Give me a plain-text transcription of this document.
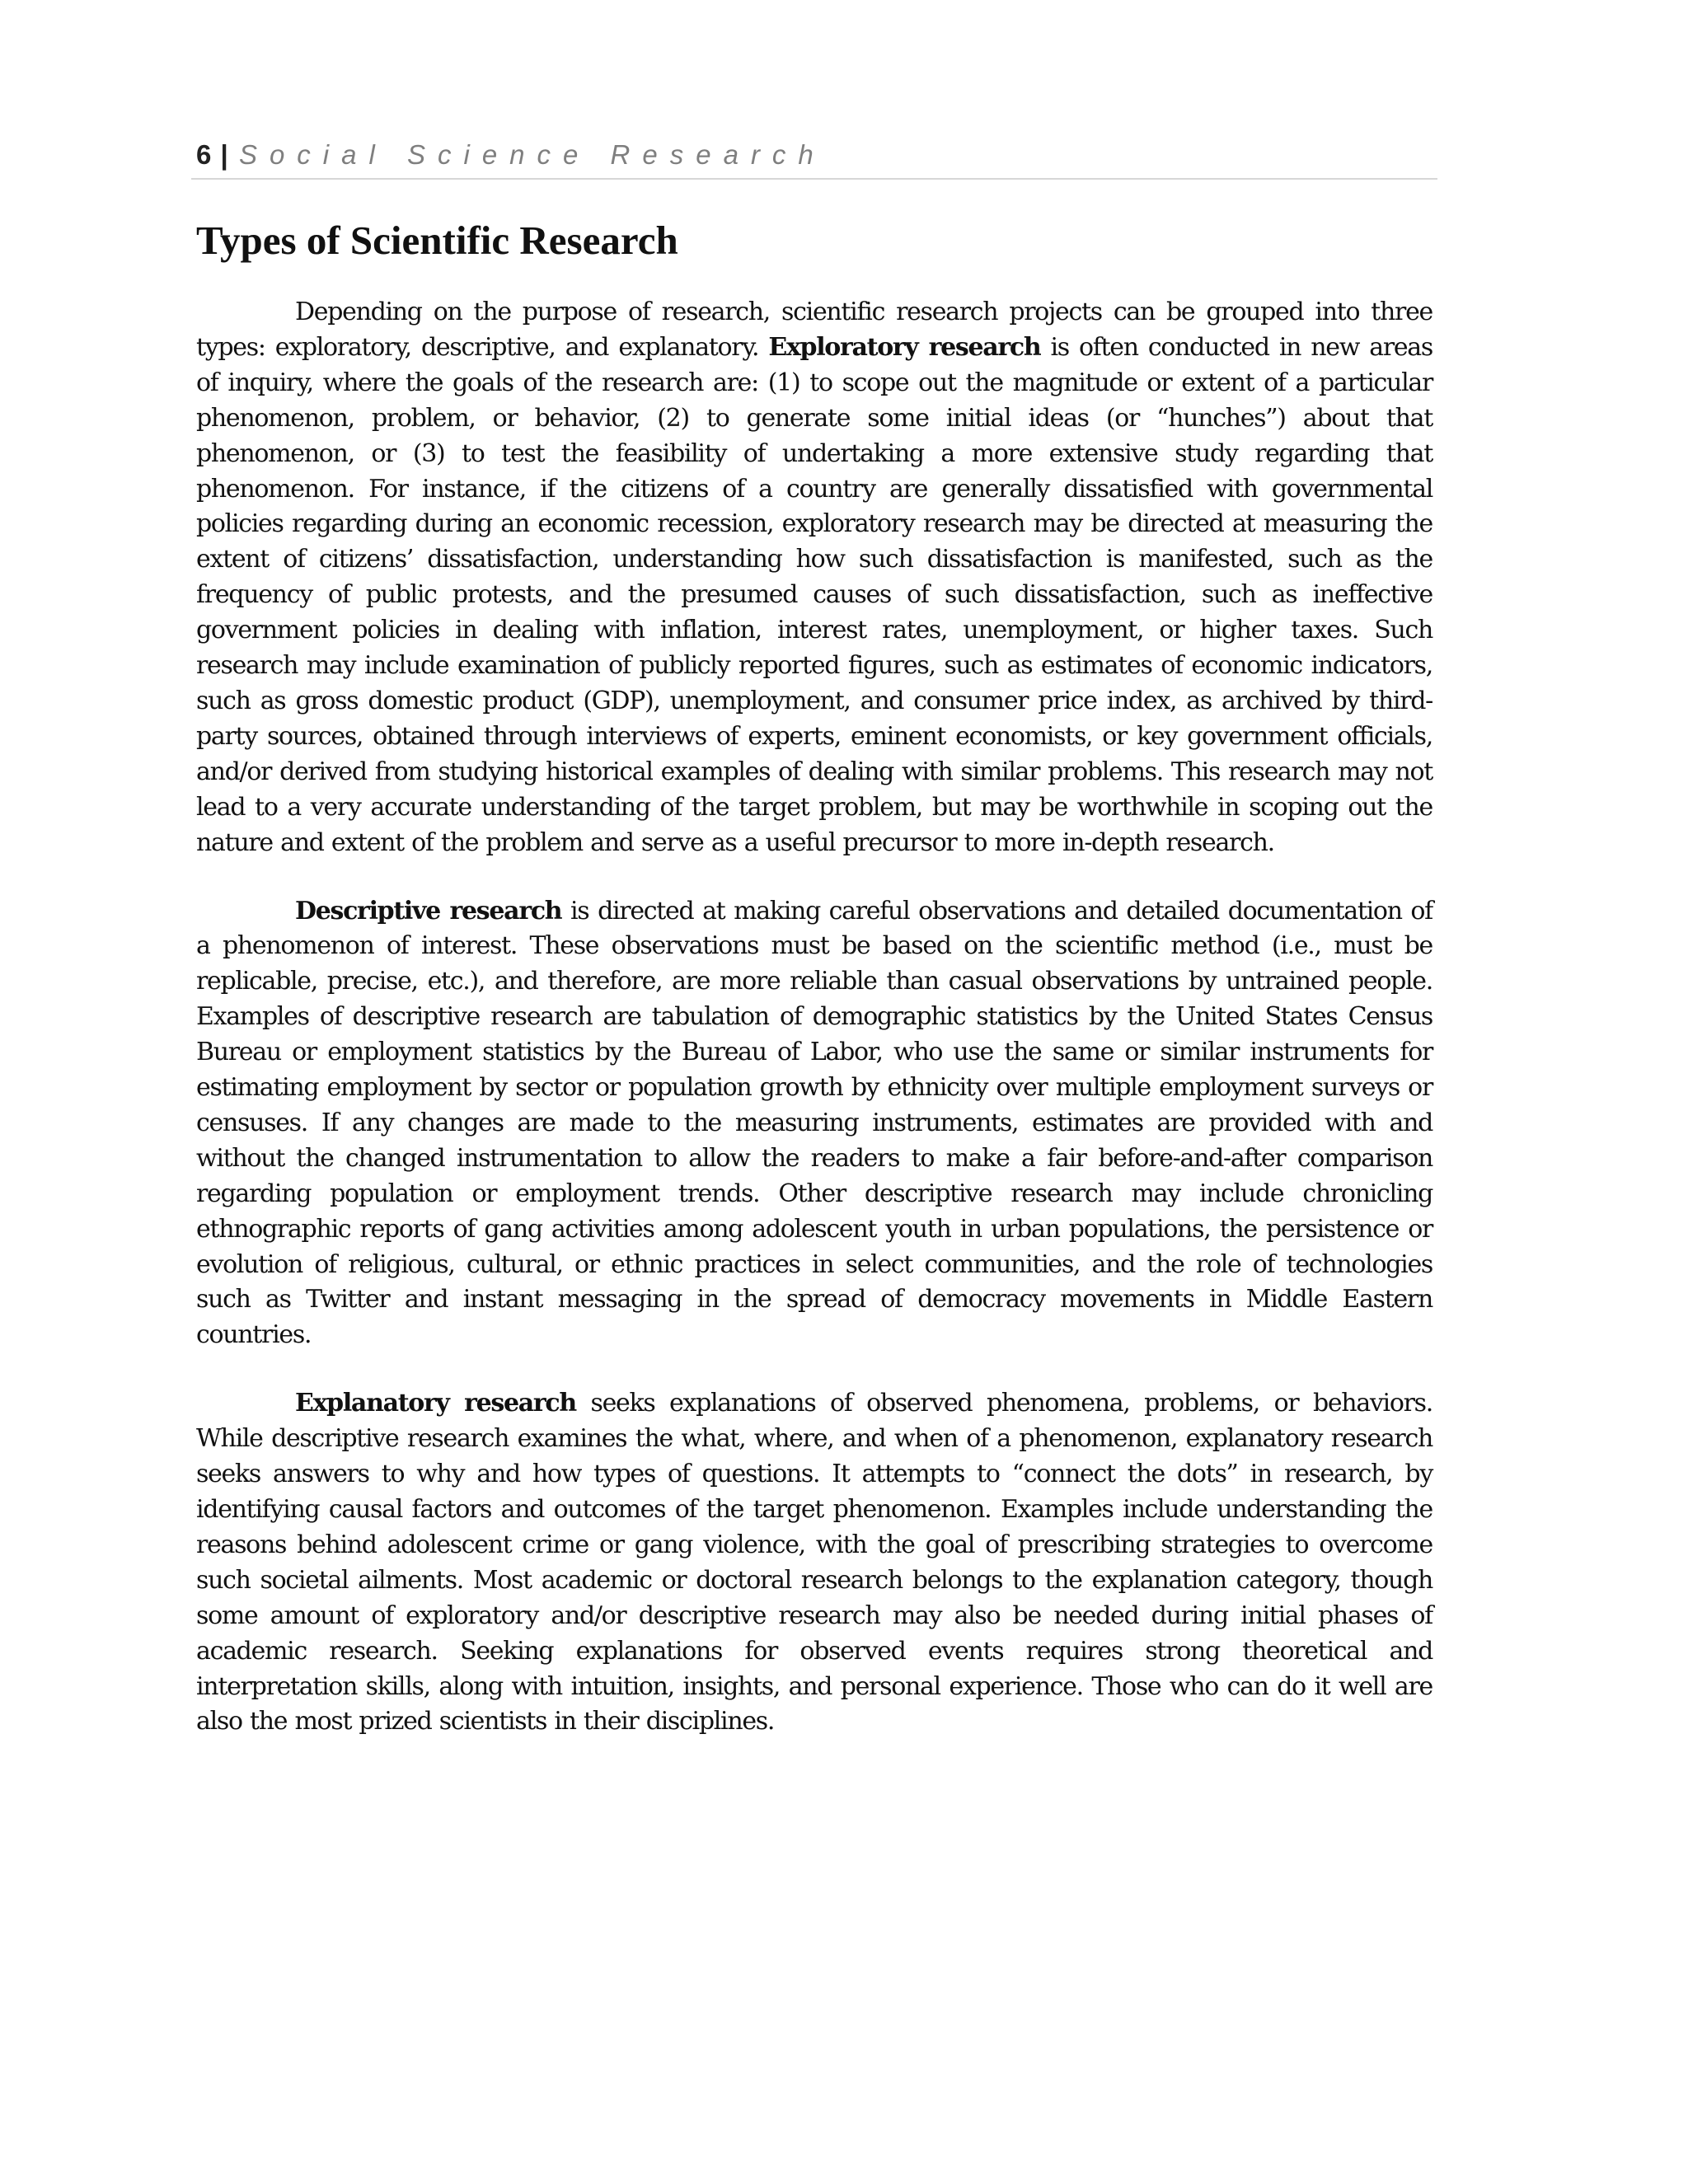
6 | Social Science Research
Types of Scientific Research

Depending on the purpose of research, scientific research projects can be grouped into three types: exploratory, descriptive, and explanatory. Exploratory research is often conducted in new areas of inquiry, where the goals of the research are: (1) to scope out the magnitude or extent of a particular phenomenon, problem, or behavior, (2) to generate some initial ideas (or “hunches”) about that phenomenon, or (3) to test the feasibility of undertaking a more extensive study regarding that phenomenon. For instance, if the citizens of a country are generally dissatisfied with governmental policies regarding during an economic recession, exploratory research may be directed at measuring the extent of citizens’ dissatisfaction, understanding how such dissatisfaction is manifested, such as the frequency of public protests, and the presumed causes of such dissatisfaction, such as ineffective government policies in dealing with inflation, interest rates, unemployment, or higher taxes. Such research may include examination of publicly reported figures, such as estimates of economic indicators, such as gross domestic product (GDP), unemployment, and consumer price index, as archived by third-party sources, obtained through interviews of experts, eminent economists, or key government officials, and/or derived from studying historical examples of dealing with similar problems. This research may not lead to a very accurate understanding of the target problem, but may be worthwhile in scoping out the nature and extent of the problem and serve as a useful precursor to more in-depth research.

Descriptive research is directed at making careful observations and detailed documentation of a phenomenon of interest. These observations must be based on the scientific method (i.e., must be replicable, precise, etc.), and therefore, are more reliable than casual observations by untrained people. Examples of descriptive research are tabulation of demographic statistics by the United States Census Bureau or employment statistics by the Bureau of Labor, who use the same or similar instruments for estimating employment by sector or population growth by ethnicity over multiple employment surveys or censuses. If any changes are made to the measuring instruments, estimates are provided with and without the changed instrumentation to allow the readers to make a fair before-and-after comparison regarding population or employment trends. Other descriptive research may include chronicling ethnographic reports of gang activities among adolescent youth in urban populations, the persistence or evolution of religious, cultural, or ethnic practices in select communities, and the role of technologies such as Twitter and instant messaging in the spread of democracy movements in Middle Eastern countries.

Explanatory research seeks explanations of observed phenomena, problems, or behaviors. While descriptive research examines the what, where, and when of a phenomenon, explanatory research seeks answers to why and how types of questions. It attempts to “connect the dots” in research, by identifying causal factors and outcomes of the target phenomenon. Examples include understanding the reasons behind adolescent crime or gang violence, with the goal of prescribing strategies to overcome such societal ailments. Most academic or doctoral research belongs to the explanation category, though some amount of exploratory and/or descriptive research may also be needed during initial phases of academic research. Seeking explanations for observed events requires strong theoretical and interpretation skills, along with intuition, insights, and personal experience. Those who can do it well are also the most prized scientists in their disciplines.
